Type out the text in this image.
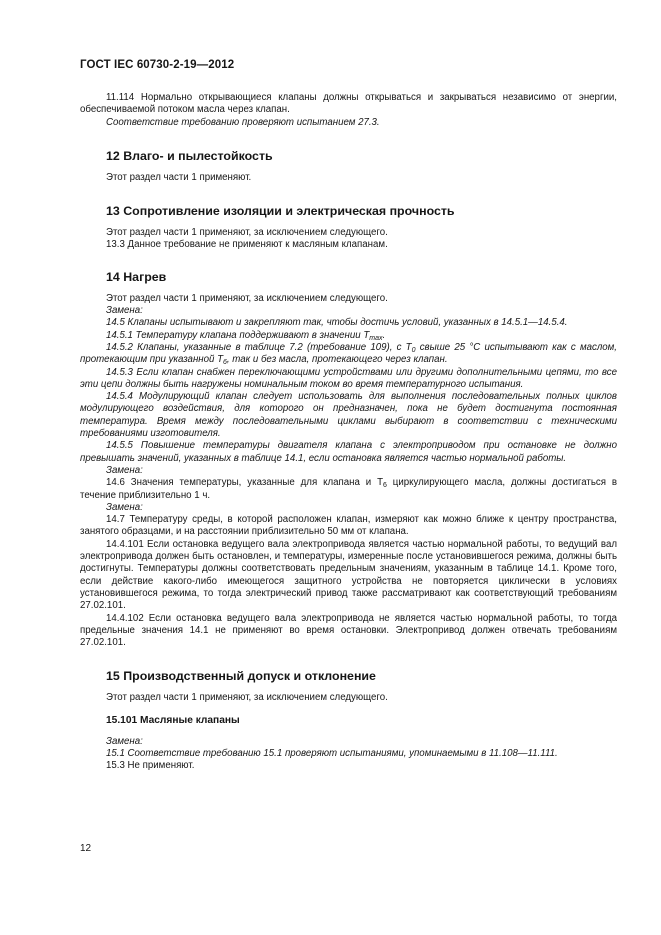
ГОСТ IEC 60730-2-19—2012

11.114 Нормально открывающиеся клапаны должны открываться и закрываться независимо от энергии, обеспечиваемой потоком масла через клапан.

Соответствие требованию проверяют испытанием 27.3.

12 Влаго- и пылестойкость

Этот раздел части 1 применяют.

13 Сопротивление изоляции и электрическая прочность

Этот раздел части 1 применяют, за исключением следующего.

13.3 Данное требование не применяют к масляным клапанам.

14 Нагрев

Этот раздел части 1 применяют, за исключением следующего.

Замена:

14.5 Клапаны испытывают и закрепляют так, чтобы достичь условий, указанных в 14.5.1—14.5.4.

14.5.1 Температуру клапана поддерживают в значении $T_{max}$.

14.5.2 Клапаны, указанные в таблице 7.2 (требование 109), с $T_0$ свыше 25 °C испытывают как с маслом, протекающим при указанной $T_6$, так и без масла, протекающего через клапан.

14.5.3 Если клапан снабжен переключающими устройствами или другими дополнительными цепями, то все эти цепи должны быть нагружены номинальным током во время температурного испытания.

14.5.4 Модулирующий клапан следует использовать для выполнения последовательных полных циклов модулирующего воздействия, для которого он предназначен, пока не будет достигнута постоянная температура. Время между последовательными циклами выбирают в соответствии с техническими требованиями изготовителя.

14.5.5 Повышение температуры двигателя клапана с электроприводом при остановке не должно превышать значений, указанных в таблице 14.1, если остановка является частью нормальной работы.

Замена:

14.6 Значения температуры, указанные для клапана и $T_6$ циркулирующего масла, должны достигаться в течение приблизительно 1 ч.

Замена:

14.7 Температуру среды, в которой расположен клапан, измеряют как можно ближе к центру пространства, занятого образцами, и на расстоянии приблизительно 50 мм от клапана.

14.4.101 Если остановка ведущего вала электропривода является частью нормальной работы, то ведущий вал электропривода должен быть остановлен, и температуры, измеренные после установившегося режима, должны быть достигнуты. Температуры должны соответствовать предельным значениям, указанным в таблице 14.1. Кроме того, если действие какого-либо имеющегося защитного устройства не повторяется циклически в условиях установившегося режима, то тогда электрический привод также рассматривают как соответствующий требованиям 27.02.101.

14.4.102 Если остановка ведущего вала электропривода не является частью нормальной работы, то тогда предельные значения 14.1 не применяют во время остановки. Электропривод должен отвечать требованиям 27.02.101.

15 Производственный допуск и отклонение

Этот раздел части 1 применяют, за исключением следующего.

15.101 Масляные клапаны

Замена:

15.1 Соответствие требованию 15.1 проверяют испытаниями, упоминаемыми в 11.108—11.111.

15.3 Не применяют.

12
